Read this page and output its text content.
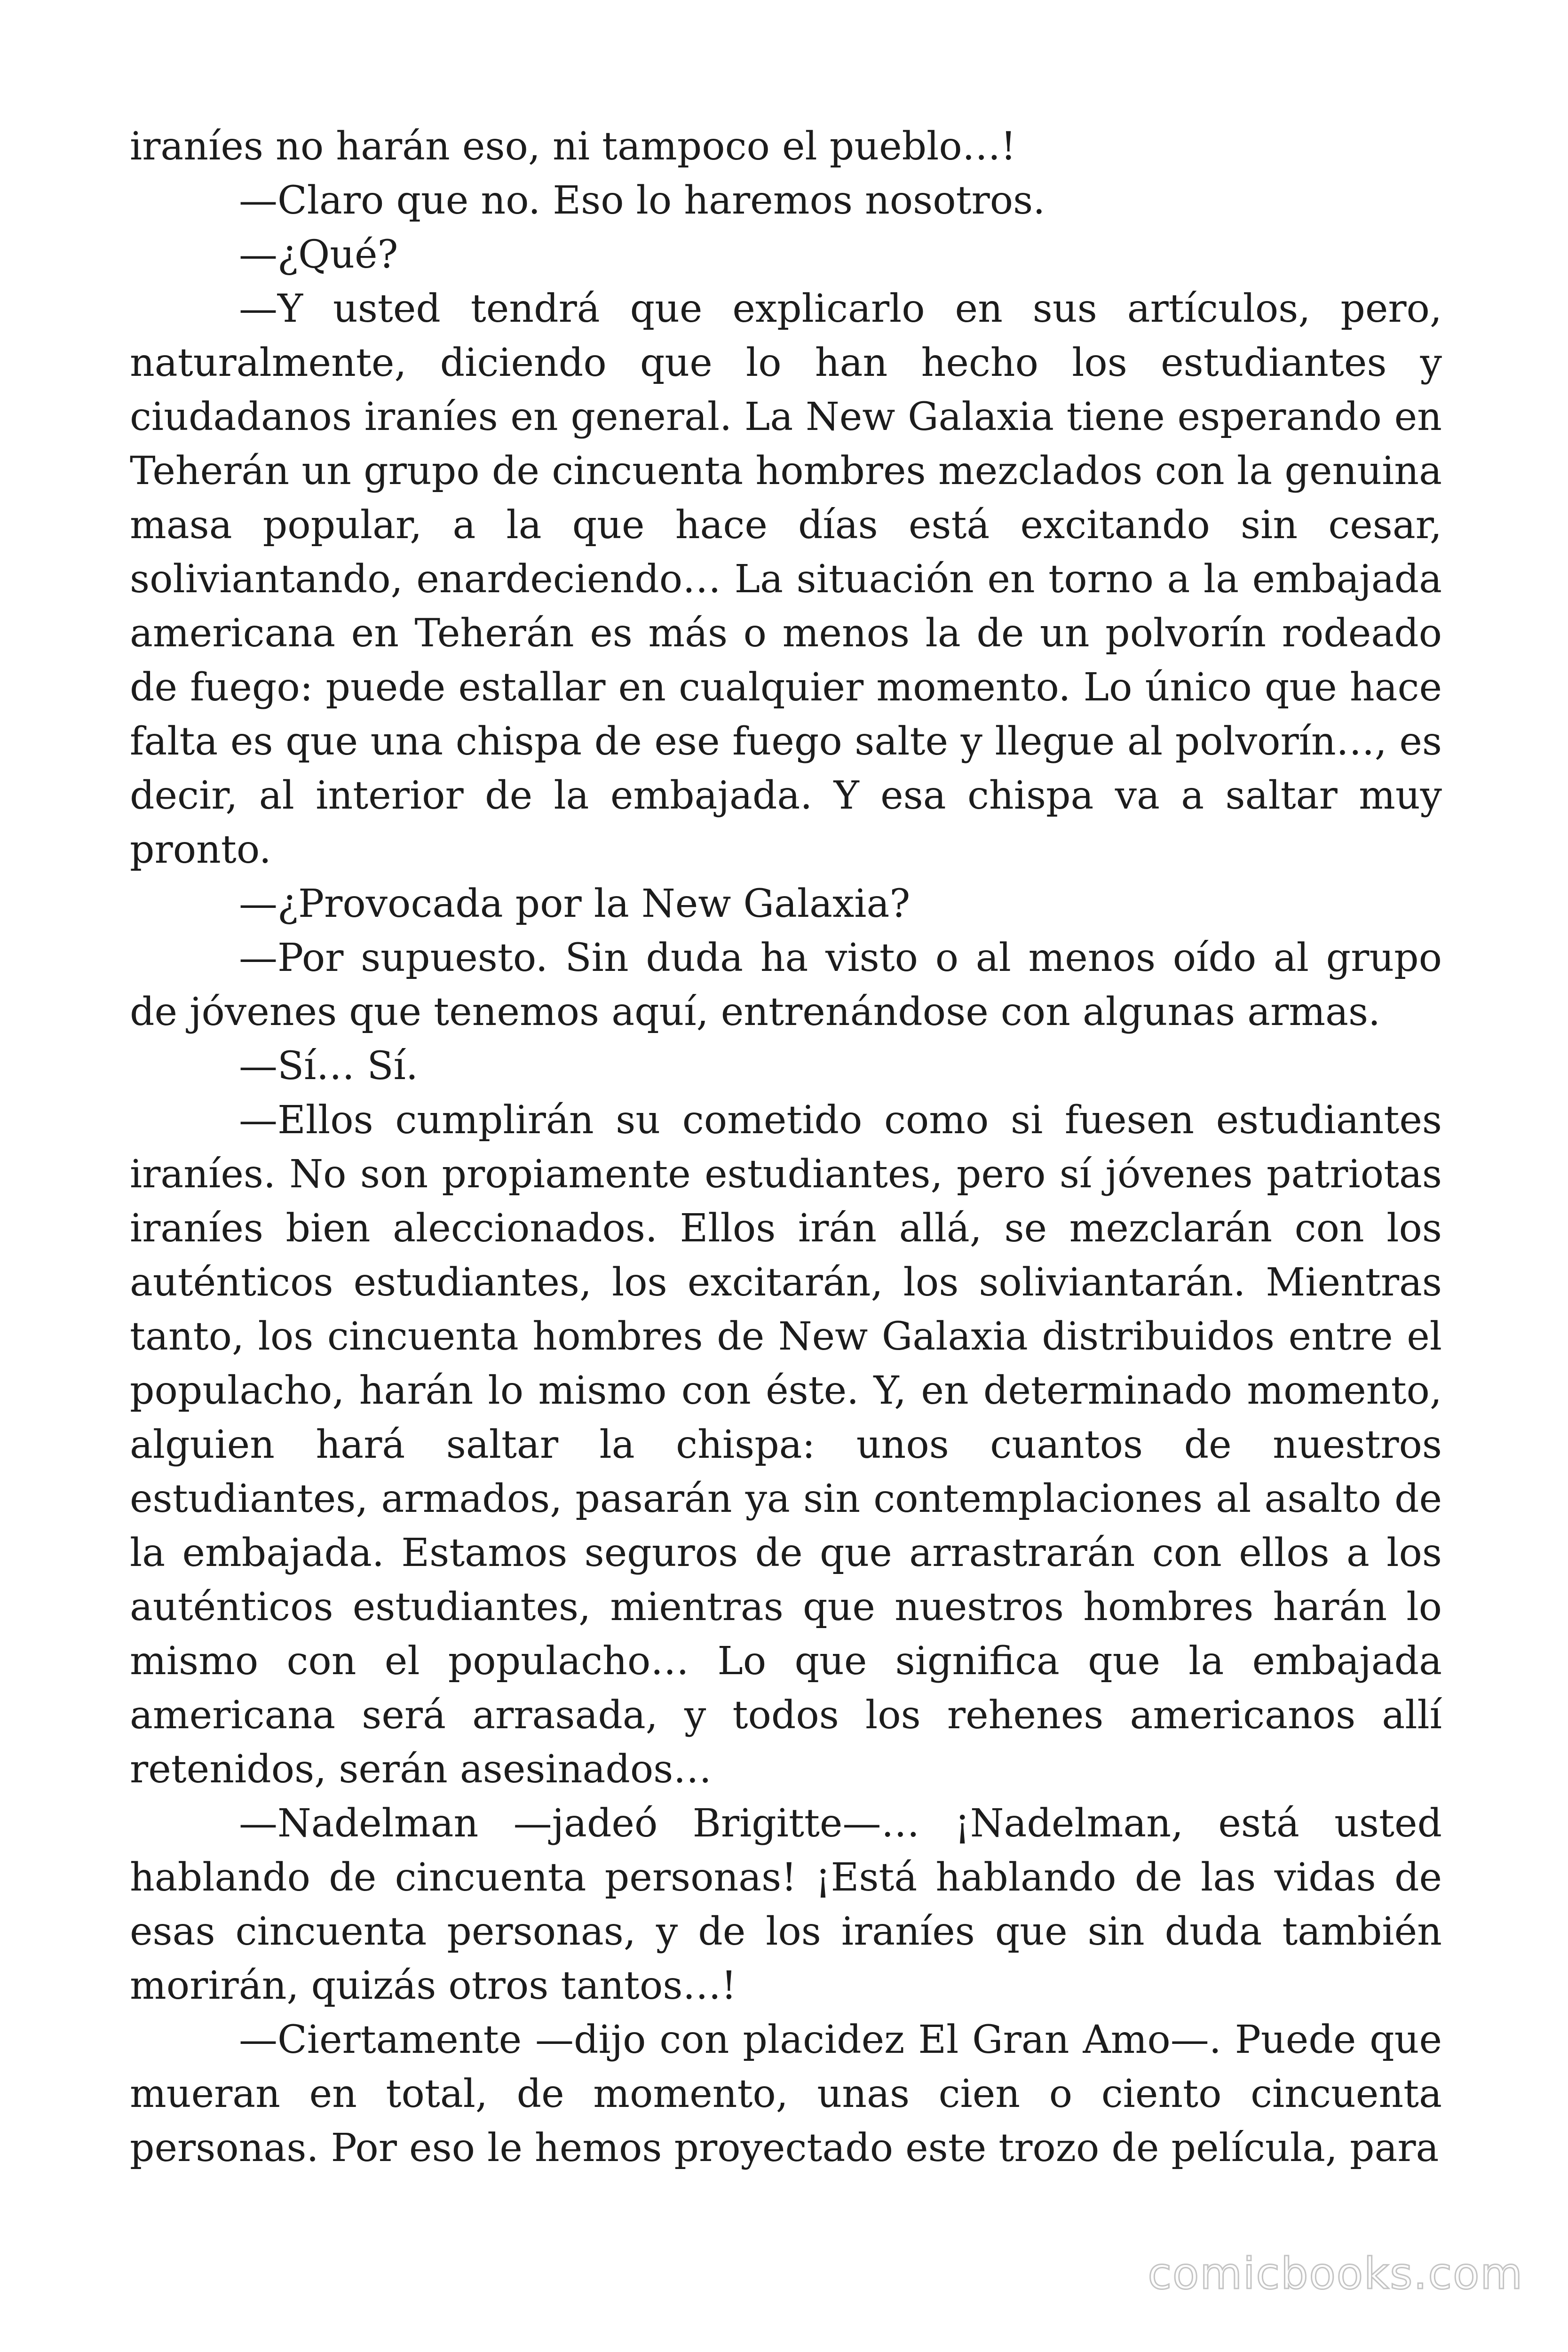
iraníes no harán eso, ni tampoco el pueblo…!

—Claro que no. Eso lo haremos nosotros.

—¿Qué?

—Y usted tendrá que explicarlo en sus artículos, pero, naturalmente, diciendo que lo han hecho los estudiantes y ciudadanos iraníes en general. La New Galaxia tiene esperando en Teherán un grupo de cincuenta hombres mezclados con la genuina masa popular, a la que hace días está excitando sin cesar, soliviantando, enardeciendo… La situación en torno a la embajada americana en Teherán es más o menos la de un polvorín rodeado de fuego: puede estallar en cualquier momento. Lo único que hace falta es que una chispa de ese fuego salte y llegue al polvorín…, es decir, al interior de la embajada. Y esa chispa va a saltar muy pronto.

—¿Provocada por la New Galaxia?

—Por supuesto. Sin duda ha visto o al menos oído al grupo de jóvenes que tenemos aquí, entrenándose con algunas armas.

—Sí… Sí.

—Ellos cumplirán su cometido como si fuesen estudiantes iraníes. No son propiamente estudiantes, pero sí jóvenes patriotas iraníes bien aleccionados. Ellos irán allá, se mezclarán con los auténticos estudiantes, los excitarán, los soliviantarán. Mientras tanto, los cincuenta hombres de New Galaxia distribuidos entre el populacho, harán lo mismo con éste. Y, en determinado momento, alguien hará saltar la chispa: unos cuantos de nuestros estudiantes, armados, pasarán ya sin contemplaciones al asalto de la embajada. Estamos seguros de que arrastrarán con ellos a los auténticos estudiantes, mientras que nuestros hombres harán lo mismo con el populacho… Lo que significa que la embajada americana será arrasada, y todos los rehenes americanos allí retenidos, serán asesinados…

—Nadelman —jadeó Brigitte—… ¡Nadelman, está usted hablando de cincuenta personas! ¡Está hablando de las vidas de esas cincuenta personas, y de los iraníes que sin duda también morirán, quizás otros tantos…!

—Ciertamente —dijo con placidez El Gran Amo—. Puede que mueran en total, de momento, unas cien o ciento cincuenta personas. Por eso le hemos proyectado este trozo de película, para

comicbooks.com
